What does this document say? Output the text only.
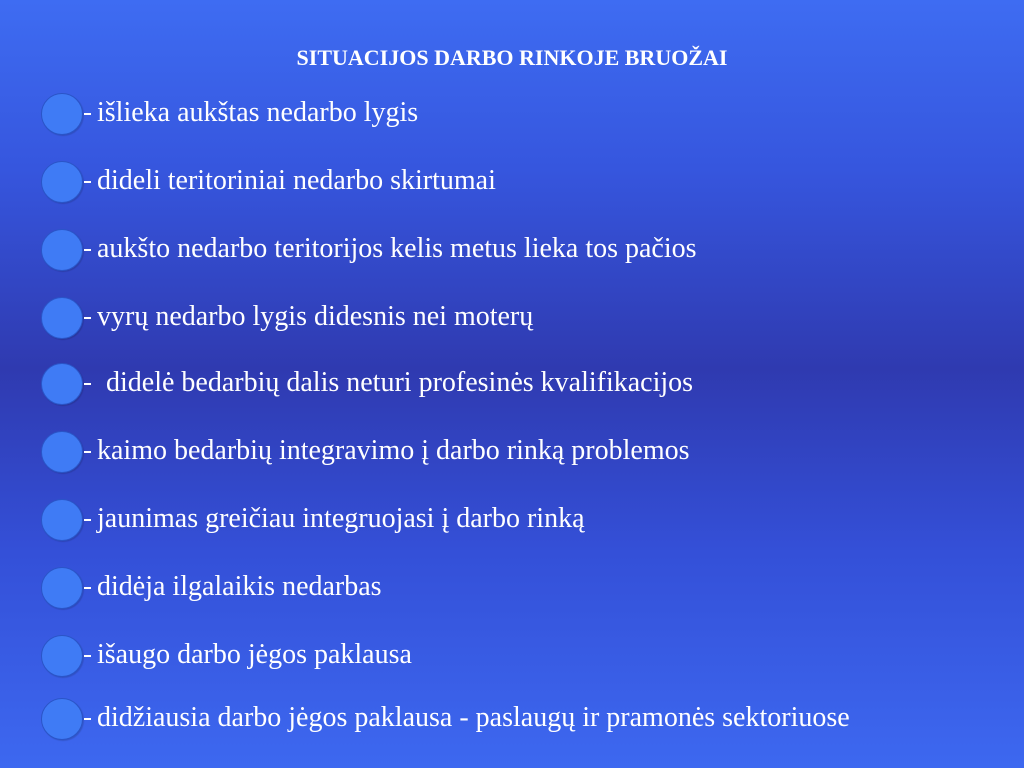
SITUACIJOS DARBO RINKOJE BRUOŽAI
išlieka aukštas nedarbo lygis
dideli teritoriniai nedarbo skirtumai
aukšto nedarbo teritorijos kelis metus lieka tos pačios
vyrų nedarbo lygis didesnis nei moterų
didelė bedarbių dalis neturi profesinės kvalifikacijos
kaimo bedarbių integravimo į darbo rinką problemos
jaunimas greičiau integruojasi į darbo rinką
didėja ilgalaikis nedarbas
išaugo darbo jėgos paklausa
didžiausia darbo jėgos paklausa - paslaugų ir pramonės sektoriuose
